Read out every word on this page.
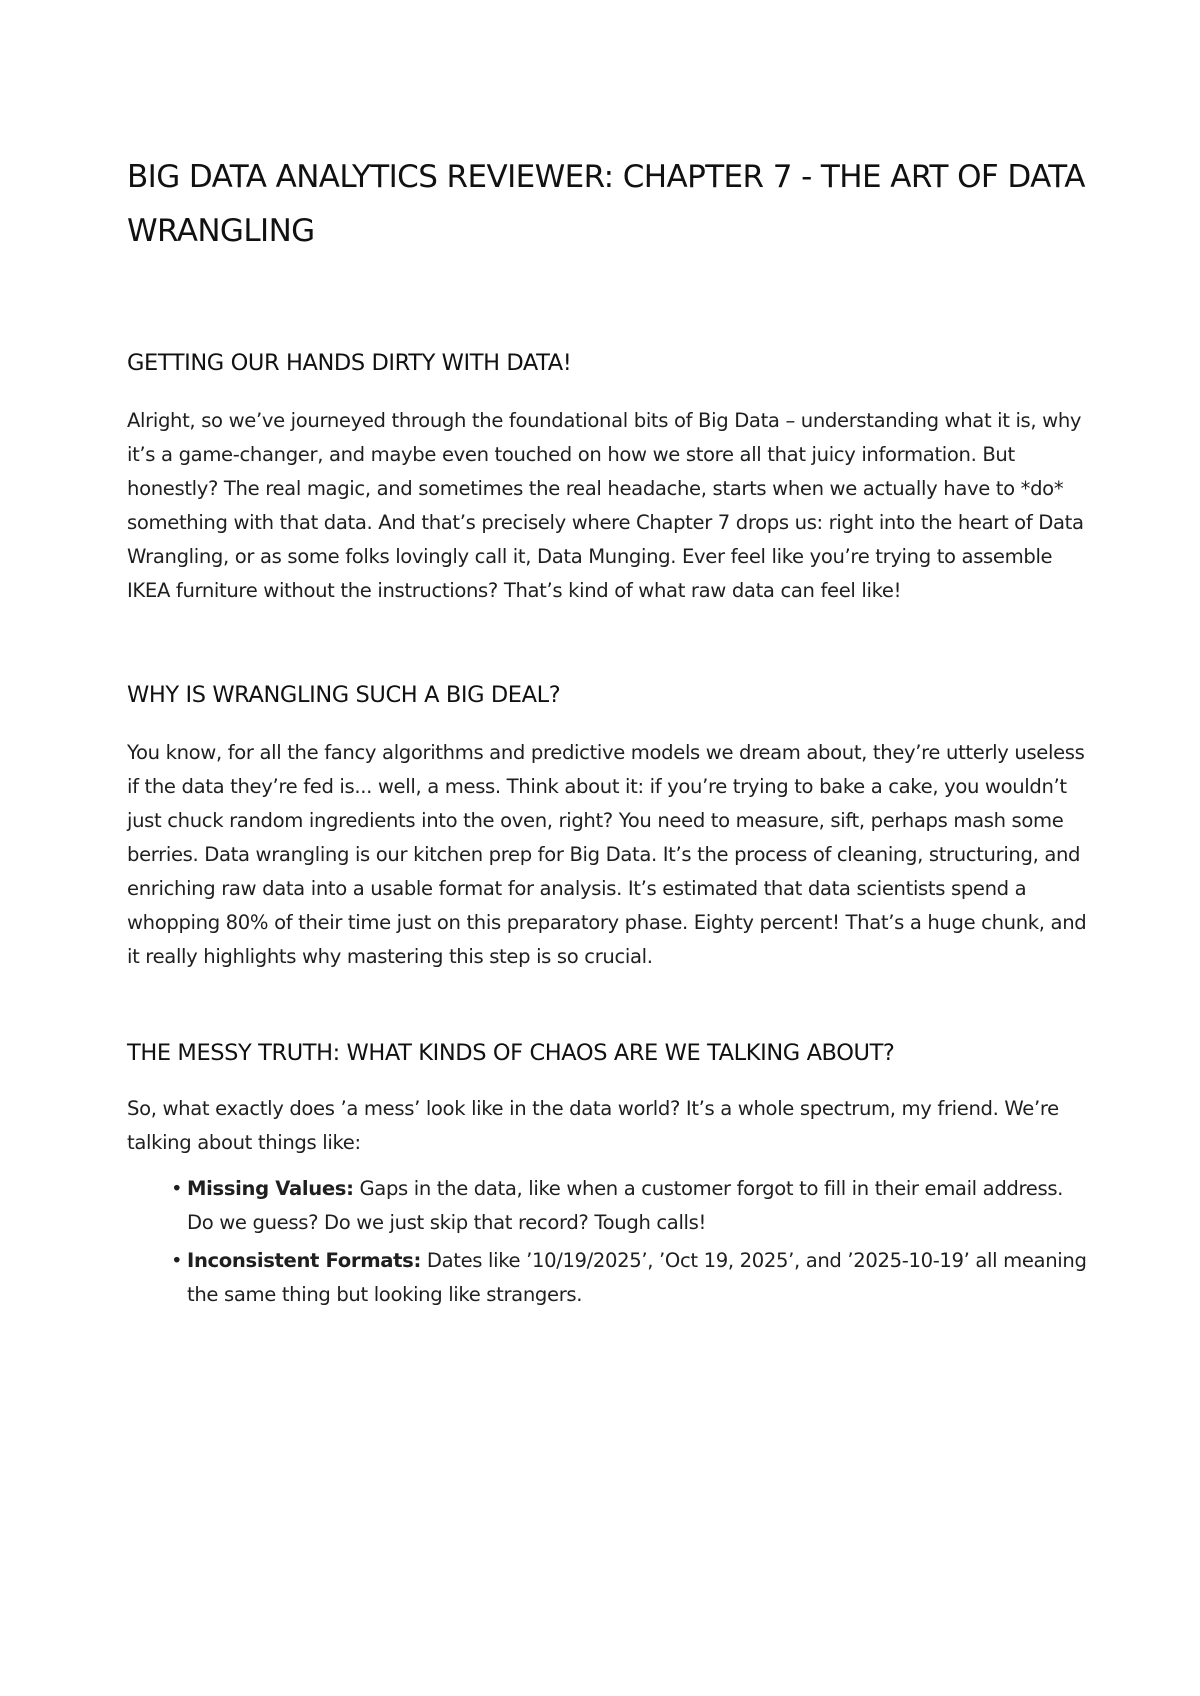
BIG DATA ANALYTICS REVIEWER: CHAPTER 7 - THE ART OF DATA WRANGLING
GETTING OUR HANDS DIRTY WITH DATA!

Alright, so we’ve journeyed through the foundational bits of Big Data – understanding what it is, why it’s a game-changer, and maybe even touched on how we store all that juicy information. But honestly? The real magic, and sometimes the real headache, starts when we actually have to *do* something with that data. And that’s precisely where Chapter 7 drops us: right into the heart of Data Wrangling, or as some folks lovingly call it, Data Munging. Ever feel like you’re trying to assemble IKEA furniture without the instructions? That’s kind of what raw data can feel like!

WHY IS WRANGLING SUCH A BIG DEAL?

You know, for all the fancy algorithms and predictive models we dream about, they’re utterly useless if the data they’re fed is... well, a mess. Think about it: if you’re trying to bake a cake, you wouldn’t just chuck random ingredients into the oven, right? You need to measure, sift, perhaps mash some berries. Data wrangling is our kitchen prep for Big Data. It’s the process of cleaning, structuring, and enriching raw data into a usable format for analysis. It’s estimated that data scientists spend a whopping 80% of their time just on this preparatory phase. Eighty percent! That’s a huge chunk, and it really highlights why mastering this step is so crucial.

THE MESSY TRUTH: WHAT KINDS OF CHAOS ARE WE TALKING ABOUT?

So, what exactly does ’a mess’ look like in the data world? It’s a whole spectrum, my friend. We’re talking about things like:

• Missing Values: Gaps in the data, like when a customer forgot to fill in their email address. Do we guess? Do we just skip that record? Tough calls!
• Inconsistent Formats: Dates like ’10/19/2025’, ’Oct 19, 2025’, and ’2025-10-19’ all meaning the same thing but looking like strangers.
